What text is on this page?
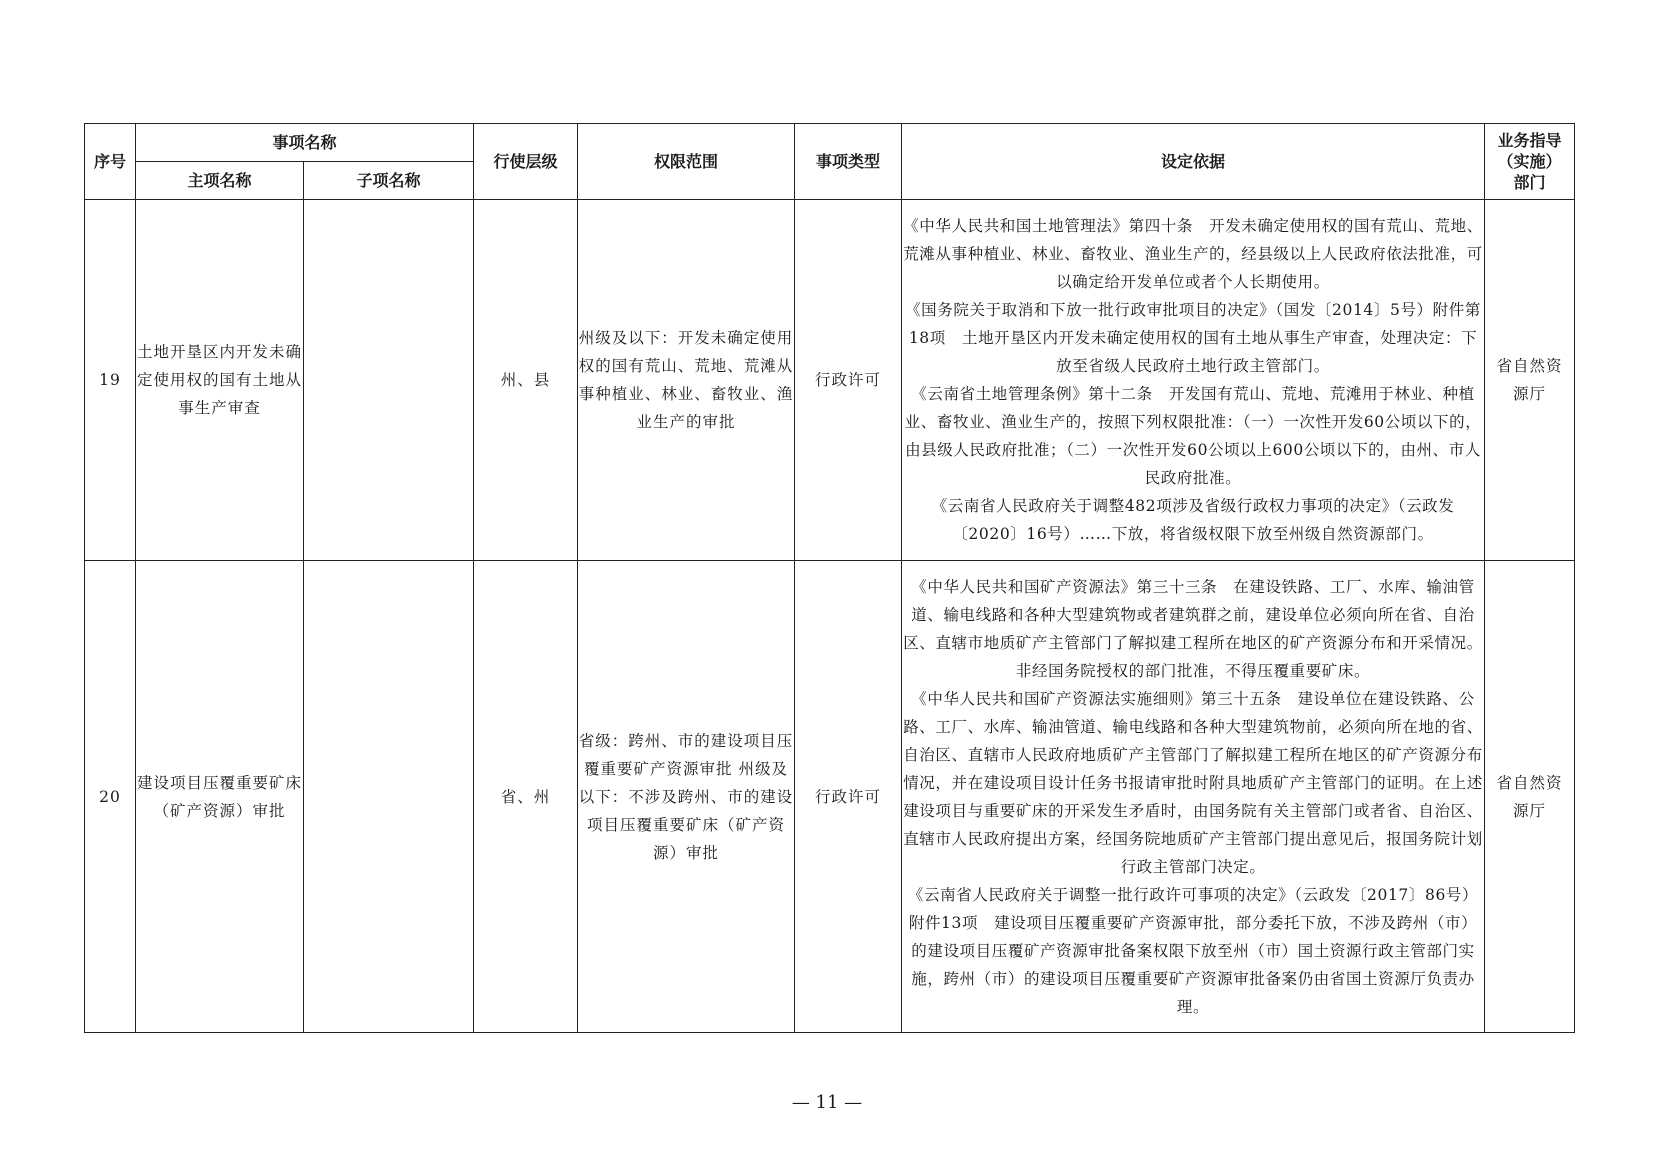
序号	事项名称		行使层级	权限范围	事项类型	设定依据	业务指导（实施）部门
	主项名称	子项名称					
19	土地开垦区内开发未确定使用权的国有土地从事生产审查		州、县	州级及以下：开发未确定使用权的国有荒山、荒地、荒滩从事种植业、林业、畜牧业、渔业生产的审批	行政许可	《中华人民共和国土地管理法》第四十条　开发未确定使用权的国有荒山、荒地、荒滩从事种植业、林业、畜牧业、渔业生产的，经县级以上人民政府依法批准，可以确定给开发单位或者个人长期使用。
《国务院关于取消和下放一批行政审批项目的决定》（国发〔2014〕5号）附件第18项　土地开垦区内开发未确定使用权的国有土地从事生产审查，处理决定：下放至省级人民政府土地行政主管部门。
《云南省土地管理条例》第十二条　开发国有荒山、荒地、荒滩用于林业、种植业、畜牧业、渔业生产的，按照下列权限批准：（一）一次性开发60公顷以下的，由县级人民政府批准；（二）一次性开发60公顷以上600公顷以下的，由州、市人民政府批准。
《云南省人民政府关于调整482项涉及省级行政权力事项的决定》（云政发〔2020〕16号）……下放，将省级权限下放至州级自然资源部门。	省自然资源厅
20	建设项目压覆重要矿床（矿产资源）审批		省、州	省级：跨州、市的建设项目压覆重要矿产资源审批 州级及以下：不涉及跨州、市的建设项目压覆重要矿床（矿产资源）审批	行政许可	《中华人民共和国矿产资源法》第三十三条　在建设铁路、工厂、水库、输油管道、输电线路和各种大型建筑物或者建筑群之前，建设单位必须向所在省、自治区、直辖市地质矿产主管部门了解拟建工程所在地区的矿产资源分布和开采情况。非经国务院授权的部门批准，不得压覆重要矿床。
《中华人民共和国矿产资源法实施细则》第三十五条　建设单位在建设铁路、公路、工厂、水库、输油管道、输电线路和各种大型建筑物前，必须向所在地的省、自治区、直辖市人民政府地质矿产主管部门了解拟建工程所在地区的矿产资源分布情况，并在建设项目设计任务书报请审批时附具地质矿产主管部门的证明。在上述建设项目与重要矿床的开采发生矛盾时，由国务院有关主管部门或者省、自治区、直辖市人民政府提出方案，经国务院地质矿产主管部门提出意见后，报国务院计划行政主管部门决定。
《云南省人民政府关于调整一批行政许可事项的决定》（云政发〔2017〕86号）附件13项　建设项目压覆重要矿产资源审批，部分委托下放，不涉及跨州（市）的建设项目压覆矿产资源审批备案权限下放至州（市）国土资源行政主管部门实施，跨州（市）的建设项目压覆重要矿产资源审批备案仍由省国土资源厅负责办理。	省自然资源厅
— 11 —
